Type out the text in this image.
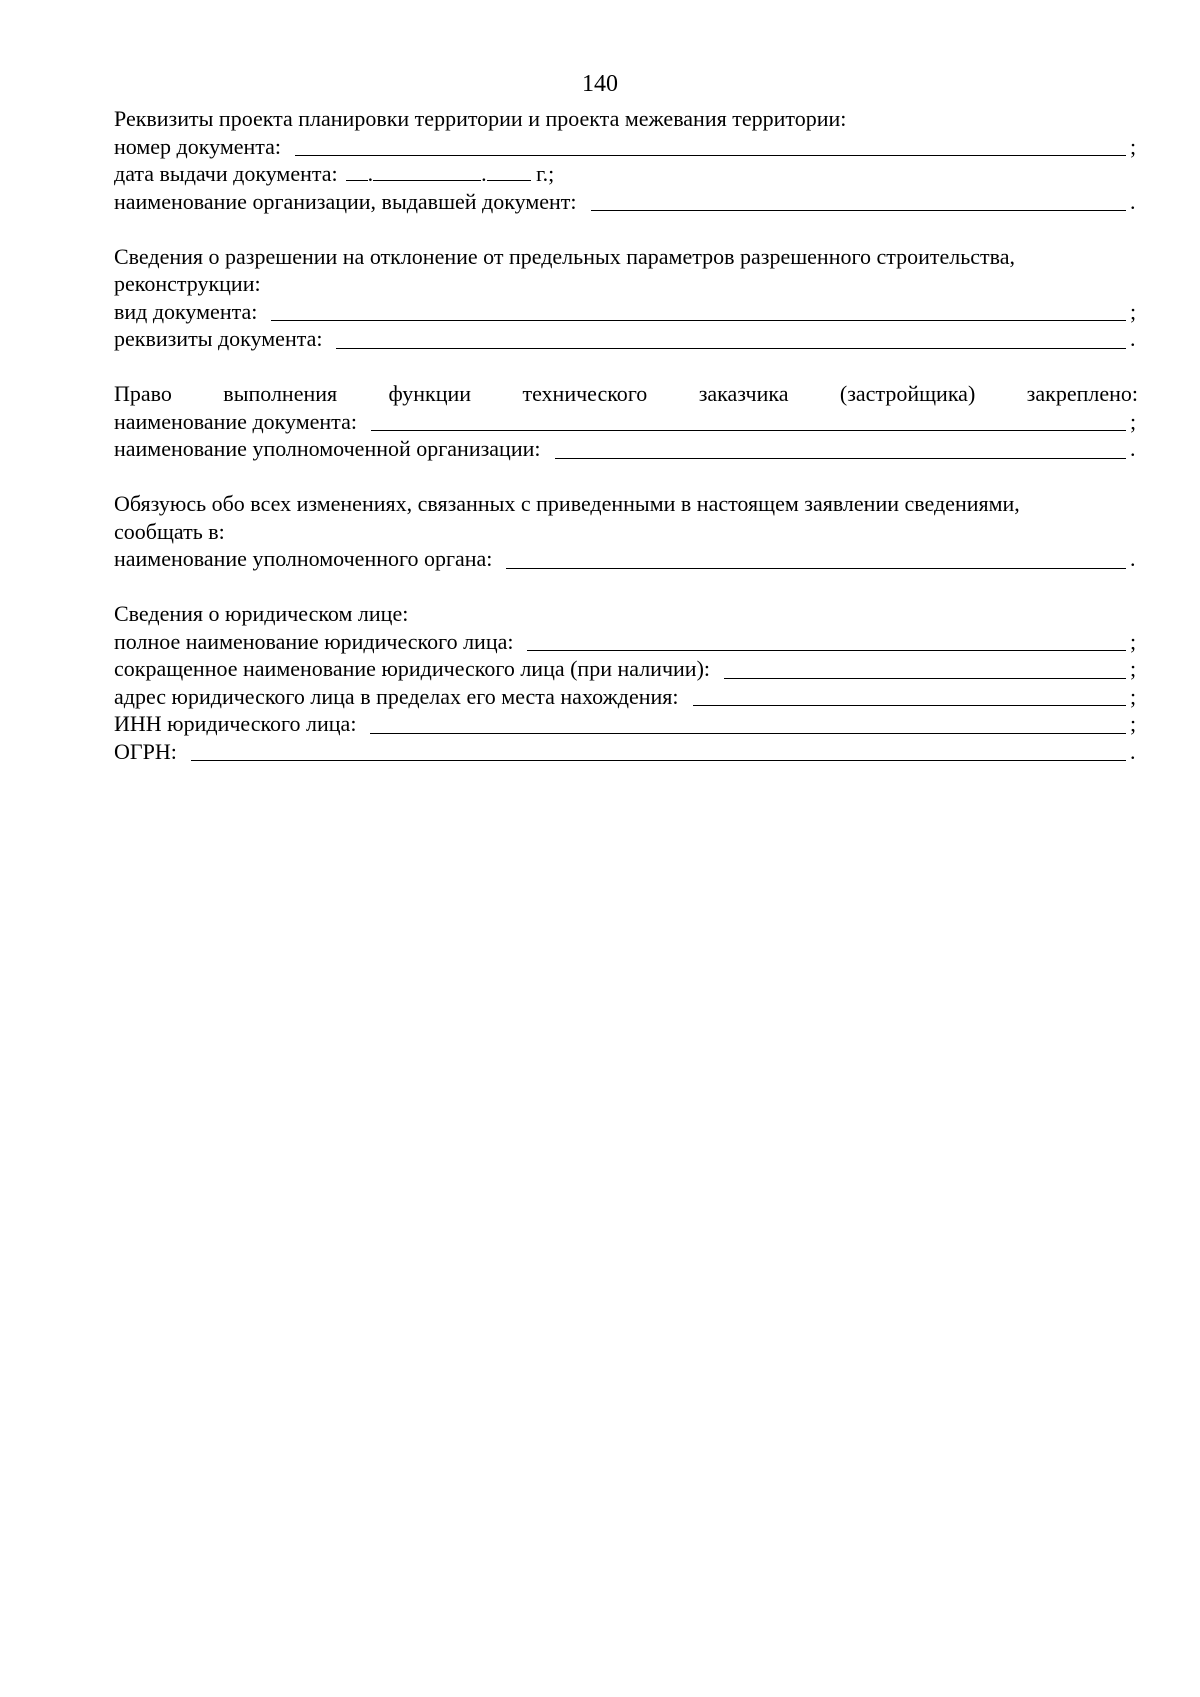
140
Реквизиты проекта планировки территории и проекта межевания территории:
номер документа:	;
дата выдачи документа: .	. г.;
наименование организации, выдавшей документ:	.
Сведения о разрешении на отклонение от предельных параметров разрешенного строительства,
реконструкции:
вид документа:	;
реквизиты документа:	.
Право выполнения функции технического заказчика (застройщика) закреплено:
наименование документа:	;
наименование уполномоченной организации:	.
Обязуюсь обо всех изменениях, связанных с приведенными в настоящем заявлении сведениями,
сообщать в:
наименование уполномоченного органа:	.
Сведения о юридическом лице:
полное наименование юридического лица:	;
сокращенное наименование юридического лица (при наличии):	;
адрес юридического лица в пределах его места нахождения:	;
ИНН юридического лица:	;
ОГРН:	.
